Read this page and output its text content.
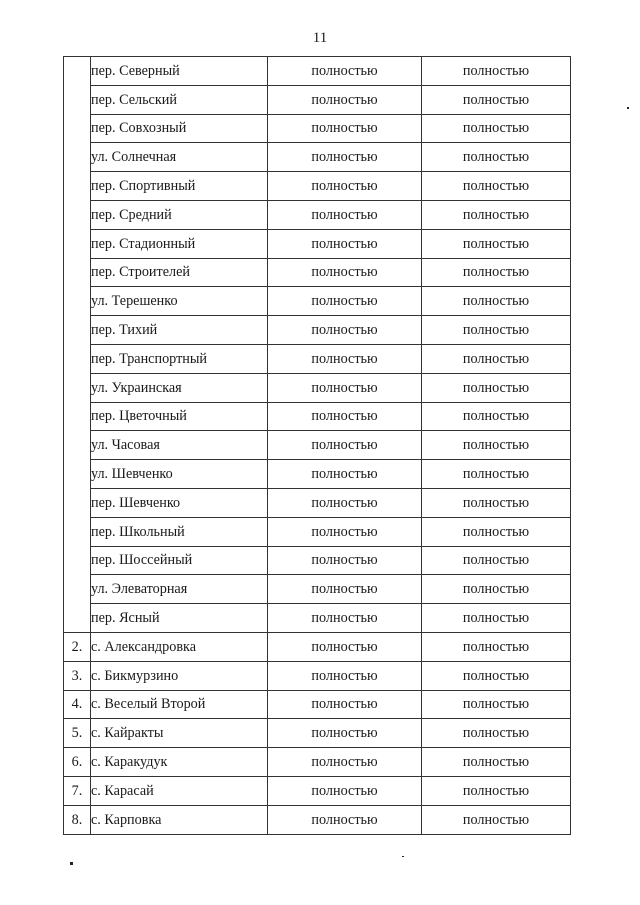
11
	пер. Северный	полностью	полностью
	пер. Сельский	полностью	полностью
	пер. Совхозный	полностью	полностью
	ул. Солнечная	полностью	полностью
	пер. Спортивный	полностью	полностью
	пер. Средний	полностью	полностью
	пер. Стадионный	полностью	полностью
	пер. Строителей	полностью	полностью
	ул. Терешенко	полностью	полностью
	пер. Тихий	полностью	полностью
	пер. Транспортный	полностью	полностью
	ул. Украинская	полностью	полностью
	пер. Цветочный	полностью	полностью
	ул. Часовая	полностью	полностью
	ул. Шевченко	полностью	полностью
	пер. Шевченко	полностью	полностью
	пер. Школьный	полностью	полностью
	пер. Шоссейный	полностью	полностью
	ул. Элеваторная	полностью	полностью
	пер. Ясный	полностью	полностью
2.	с. Александровка	полностью	полностью
3.	с. Бикмурзино	полностью	полностью
4.	с. Веселый Второй	полностью	полностью
5.	с. Кайракты	полностью	полностью
6.	с. Каракудук	полностью	полностью
7.	с. Карасай	полностью	полностью
8.	с. Карповка	полностью	полностью
